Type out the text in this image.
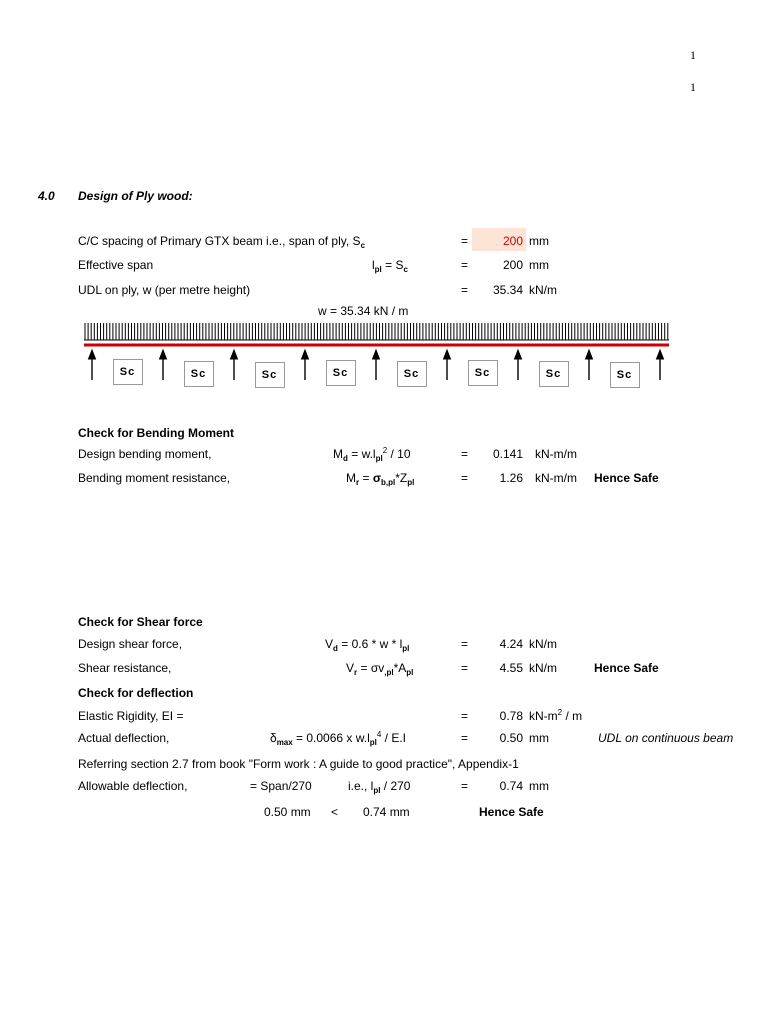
1
1
4.0 Design of Ply wood:
C/C spacing of Primary GTX beam i.e., span of ply, $S_c$	=	200 mm
Effective span	$l_{pl} = S_c$	=	200 mm
UDL on ply, w (per metre height)	=	35.34 kN/m
w = 35.34 kN / m
Sc	Sc	Sc	Sc	Sc	Sc	Sc	Sc
Check for Bending Moment
Design bending moment,	$M_d = w.l_{pl}^2 / 10$	=	0.141 kN-m/m
Bending moment resistance,	$M_r = \sigma_{b,pl}*Z_{pl}$	=	1.26 kN-m/m Hence Safe
Check for Shear force
Design shear force,	$V_d = 0.6 * w * l_{pl}$	=	4.24 kN/m
Shear resistance,	$V_r = \sigma v_{,pl}*A_{pl}$	=	4.55 kN/m	Hence Safe
Check for deflection
Elastic Rigidity, EI =	=	0.78 $kN-m^2$ / m
Actual deflection,	$\delta_{max} = 0.0066$ x $w.l_{pl}^4 / E.I$	=	0.50 mm	UDL on continuous beam
Referring section 2.7 from book "Form work : A guide to good practice", Appendix-1
Allowable deflection,	= Span/270	i.e., $l_{pl} / 270$	=	0.74 mm
0.50 mm < 0.74 mm	Hence Safe
